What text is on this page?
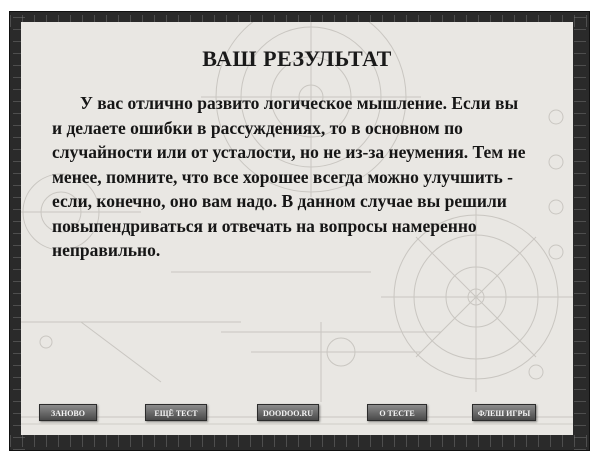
ВАШ РЕЗУЛЬТАТ

У вас отлично развито логическое мышление. Если вы и делаете ошибки в рассуждениях, то в основном по случайности или от усталости, но не из-за неумения. Тем не менее, помните, что все хорошее всегда можно улучшить - если, конечно, оно вам надо. В данном случае вы решили повыпендриваться и отвечать на вопросы намеренно неправильно.

ЗАНОВО	ЕЩЁ ТЕСТ	DOODOO.RU	О ТЕСТЕ	ФЛЕШ ИГРЫ
